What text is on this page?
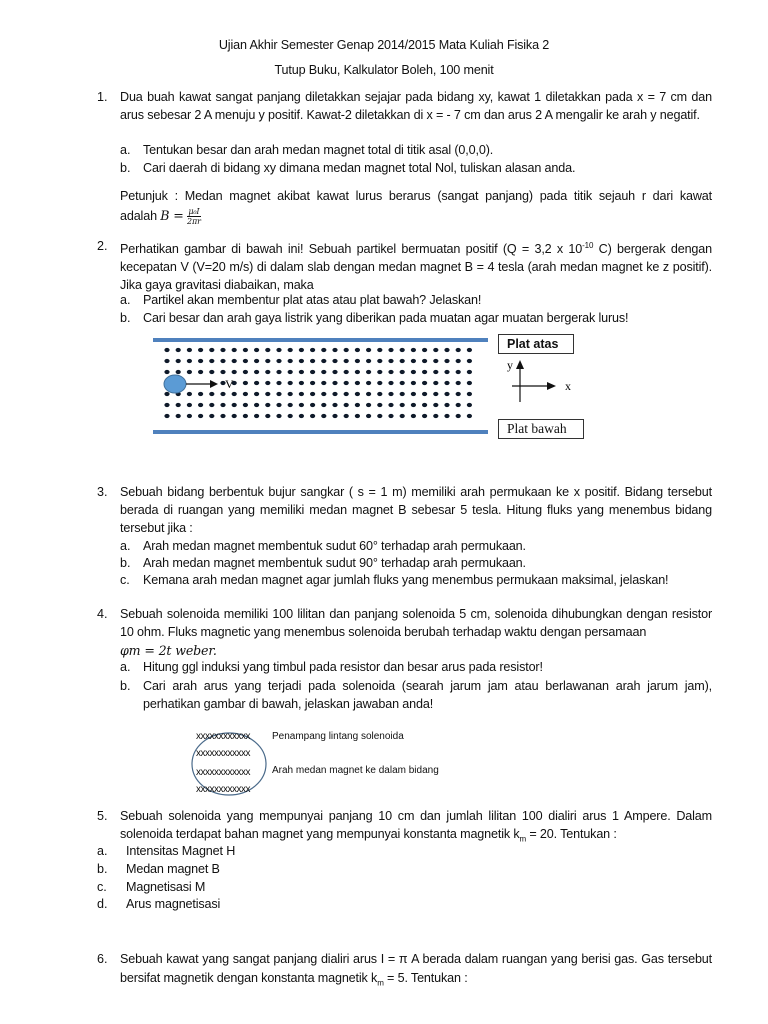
Ujian Akhir Semester Genap 2014/2015 Mata Kuliah Fisika 2
Tutup Buku, Kalkulator Boleh, 100 menit
1. Dua buah kawat sangat panjang diletakkan sejajar pada bidang xy, kawat 1 diletakkan pada x = 7 cm dan arus sebesar 2 A menuju y positif. Kawat-2 diletakkan di x = - 7 cm dan arus 2 A mengalir ke arah y negatif.
a. Tentukan besar dan arah medan magnet total di titik asal (0,0,0).
b. Cari daerah di bidang xy dimana medan magnet total Nol, tuliskan alasan anda.
Petunjuk : Medan magnet akibat kawat lurus berarus (sangat panjang) pada titik sejauh r dari kawat
adalah $B = \frac{\text{μ₀I}}{2\pi r}$
2. Perhatikan gambar di bawah ini! Sebuah partikel bermuatan positif (Q = 3,2 x $10^{-10}$ C) bergerak dengan kecepatan V (V=20 m/s) di dalam slab dengan medan magnet B = 4 tesla (arah medan magnet ke z positif). Jika gaya gravitasi diabaikan, maka
a. Partikel akan membentur plat atas atau plat bawah? Jelaskan!
b. Cari besar dan arah gaya listrik yang diberikan pada muatan agar muatan bergerak lurus!
V
y
x
Plat atas
Plat bawah
3. Sebuah bidang berbentuk bujur sangkar ( s = 1 m) memiliki arah permukaan ke x positif. Bidang tersebut berada di ruangan yang memiliki medan magnet B sebesar 5 tesla. Hitung fluks yang menembus bidang tersebut jika :
a. Arah medan magnet membentuk sudut 60° terhadap arah permukaan.
b. Arah medan magnet membentuk sudut 90° terhadap arah permukaan.
c. Kemana arah medan magnet agar jumlah fluks yang menembus permukaan maksimal, jelaskan!
4. Sebuah solenoida memiliki 100 lilitan dan panjang solenoida 5 cm, solenoida dihubungkan dengan resistor 10 ohm. Fluks magnetic yang menembus solenoida berubah terhadap waktu dengan persamaan
φm = 2t weber.
a. Hitung ggl induksi yang timbul pada resistor dan besar arus pada resistor!
b. Cari arah arus yang terjadi pada solenoida (searah jarum jam atau berlawanan arah jarum jam), perhatikan gambar di bawah, jelaskan jawaban anda!
xxxxxxxxxxxx
xxxxxxxxxxxx
xxxxxxxxxxxx
xxxxxxxxxxxx
Penampang lintang solenoida
Arah medan magnet ke dalam bidang
5. Sebuah solenoida yang mempunyai panjang 10 cm dan jumlah lilitan 100 dialiri arus 1 Ampere. Dalam solenoida terdapat bahan magnet yang mempunyai konstanta magnetik $k_m = 20$. Tentukan :
a. Intensitas Magnet H
b. Medan magnet B
c. Magnetisasi M
d. Arus magnetisasi
6. Sebuah kawat yang sangat panjang dialiri arus I = π A berada dalam ruangan yang berisi gas. Gas tersebut
bersifat magnetik dengan konstanta magnetik $k_m = 5$. Tentukan :
